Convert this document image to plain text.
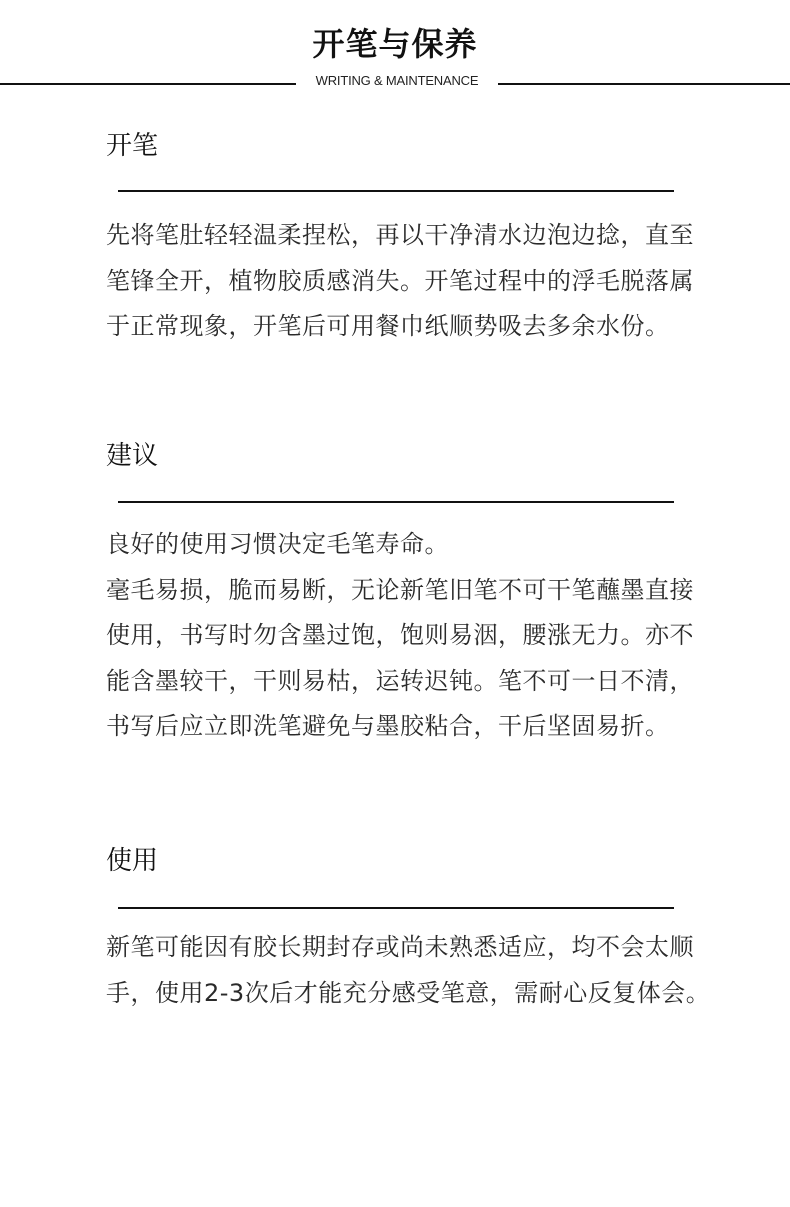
开笔与保养
WRITING & MAINTENANCE
开笔

先将笔肚轻轻温柔捏松，再以干净清水边泡边捻，直至笔锋全开，植物胶质感消失。开笔过程中的浮毛脱落属于正常现象，开笔后可用餐巾纸顺势吸去多余水份。

建议

良好的使用习惯决定毛笔寿命。

毫毛易损，脆而易断，无论新笔旧笔不可干笔蘸墨直接使用，书写时勿含墨过饱，饱则易洇，腰涨无力。亦不能含墨较干，干则易枯，运转迟钝。笔不可一日不清，书写后应立即洗笔避免与墨胶粘合，干后坚固易折。

使用

新笔可能因有胶长期封存或尚未熟悉适应，均不会太顺手，使用2-3次后才能充分感受笔意，需耐心反复体会。
